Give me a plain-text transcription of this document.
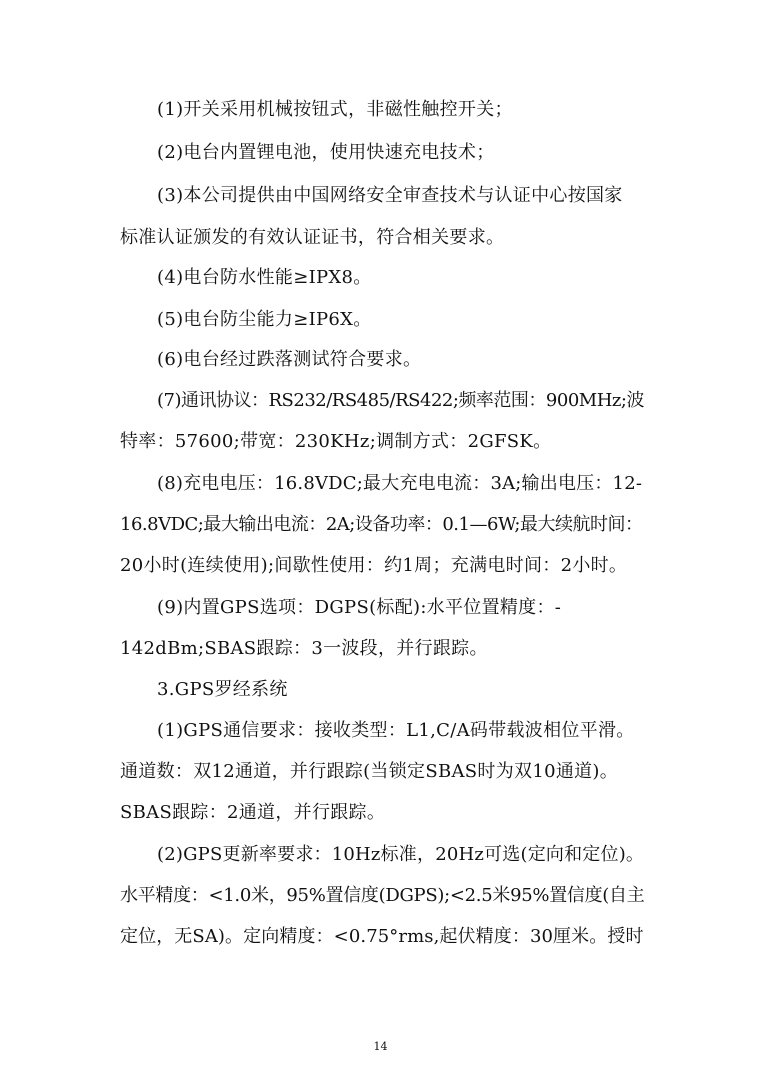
(1)开关采用机械按钮式，非磁性触控开关；
(2)电台内置锂电池，使用快速充电技术；
(3)本公司提供由中国网络安全审查技术与认证中心按国家
标准认证颁发的有效认证证书，符合相关要求。
(4)电台防水性能≥IPX8。
(5)电台防尘能力≥IP6X。
(6)电台经过跌落测试符合要求。
(7)通讯协议：RS232/RS485/RS422;频率范围：900MHz;波
特率：57600;带宽：230KHz;调制方式：2GFSK。
(8)充电电压：16.8VDC;最大充电电流：3A;输出电压：12-
16.8VDC;最大输出电流：2A;设备功率：0.1—6W;最大续航时间：
20小时(连续使用);间歇性使用：约1周；充满电时间：2小时。
(9)内置GPS选项：DGPS(标配):水平位置精度：-
142dBm;SBAS跟踪：3一波段，并行跟踪。
3.GPS罗经系统
(1)GPS通信要求：接收类型：L1,C/A码带载波相位平滑。
通道数：双12通道，并行跟踪(当锁定SBAS时为双10通道)。
SBAS跟踪：2通道，并行跟踪。
(2)GPS更新率要求：10Hz标准，20Hz可选(定向和定位)。
水平精度：<1.0米，95%置信度(DGPS);<2.5米95%置信度(自主
定位，无SA)。定向精度：<0.75°rms,起伏精度：30厘米。授时
14
